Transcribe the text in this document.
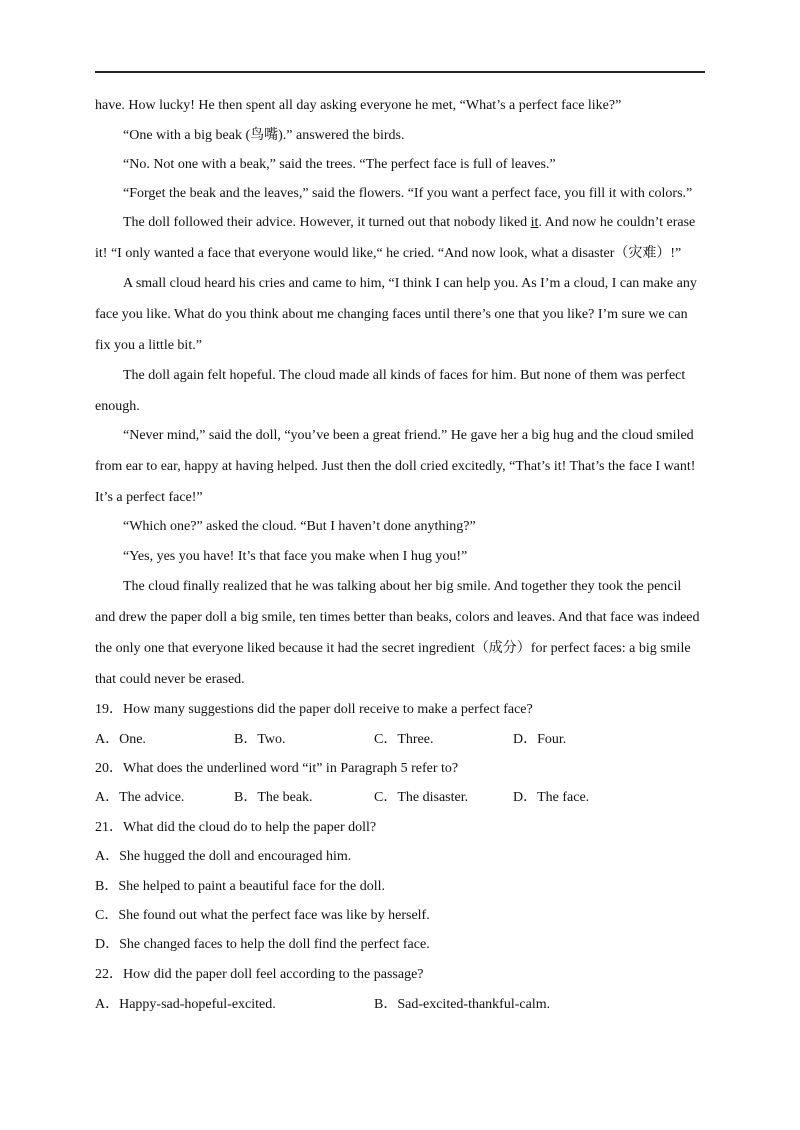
have. How lucky! He then spent all day asking everyone he met, “What’s a perfect face like?”
“One with a big beak (鸟嘴).” answered the birds.
“No. Not one with a beak,” said the trees. “The perfect face is full of leaves.”
“Forget the beak and the leaves,” said the flowers. “If you want a perfect face, you fill it with colors.”
The doll followed their advice. However, it turned out that nobody liked it. And now he couldn’t erase
it! “I only wanted a face that everyone would like,“ he cried. “And now look, what a disaster（灾难）!”
A small cloud heard his cries and came to him, “I think I can help you. As I’m a cloud, I can make any
face you like. What do you think about me changing faces until there’s one that you like? I’m sure we can
fix you a little bit.”
The doll again felt hopeful. The cloud made all kinds of faces for him. But none of them was perfect
enough.
“Never mind,” said the doll, “you’ve been a great friend.” He gave her a big hug and the cloud smiled
from ear to ear, happy at having helped. Just then the doll cried excitedly, “That’s it! That’s the face I want!
It’s a perfect face!”
“Which one?” asked the cloud. “But I haven’t done anything?”
“Yes, yes you have! It’s that face you make when I hug you!”
The cloud finally realized that he was talking about her big smile. And together they took the pencil
and drew the paper doll a big smile, ten times better than beaks, colors and leaves. And that face was indeed
the only one that everyone liked because it had the secret ingredient（成分）for perfect faces: a big smile
that could never be erased.
19．How many suggestions did the paper doll receive to make a perfect face?
A．One.	B．Two.	C．Three.	D．Four.
20．What does the underlined word “it” in Paragraph 5 refer to?
A．The advice.	B．The beak.	C．The disaster.	D．The face.
21．What did the cloud do to help the paper doll?
A．She hugged the doll and encouraged him.
B．She helped to paint a beautiful face for the doll.
C．She found out what the perfect face was like by herself.
D．She changed faces to help the doll find the perfect face.
22．How did the paper doll feel according to the passage?
A．Happy-sad-hopeful-excited.	B．Sad-excited-thankful-calm.
